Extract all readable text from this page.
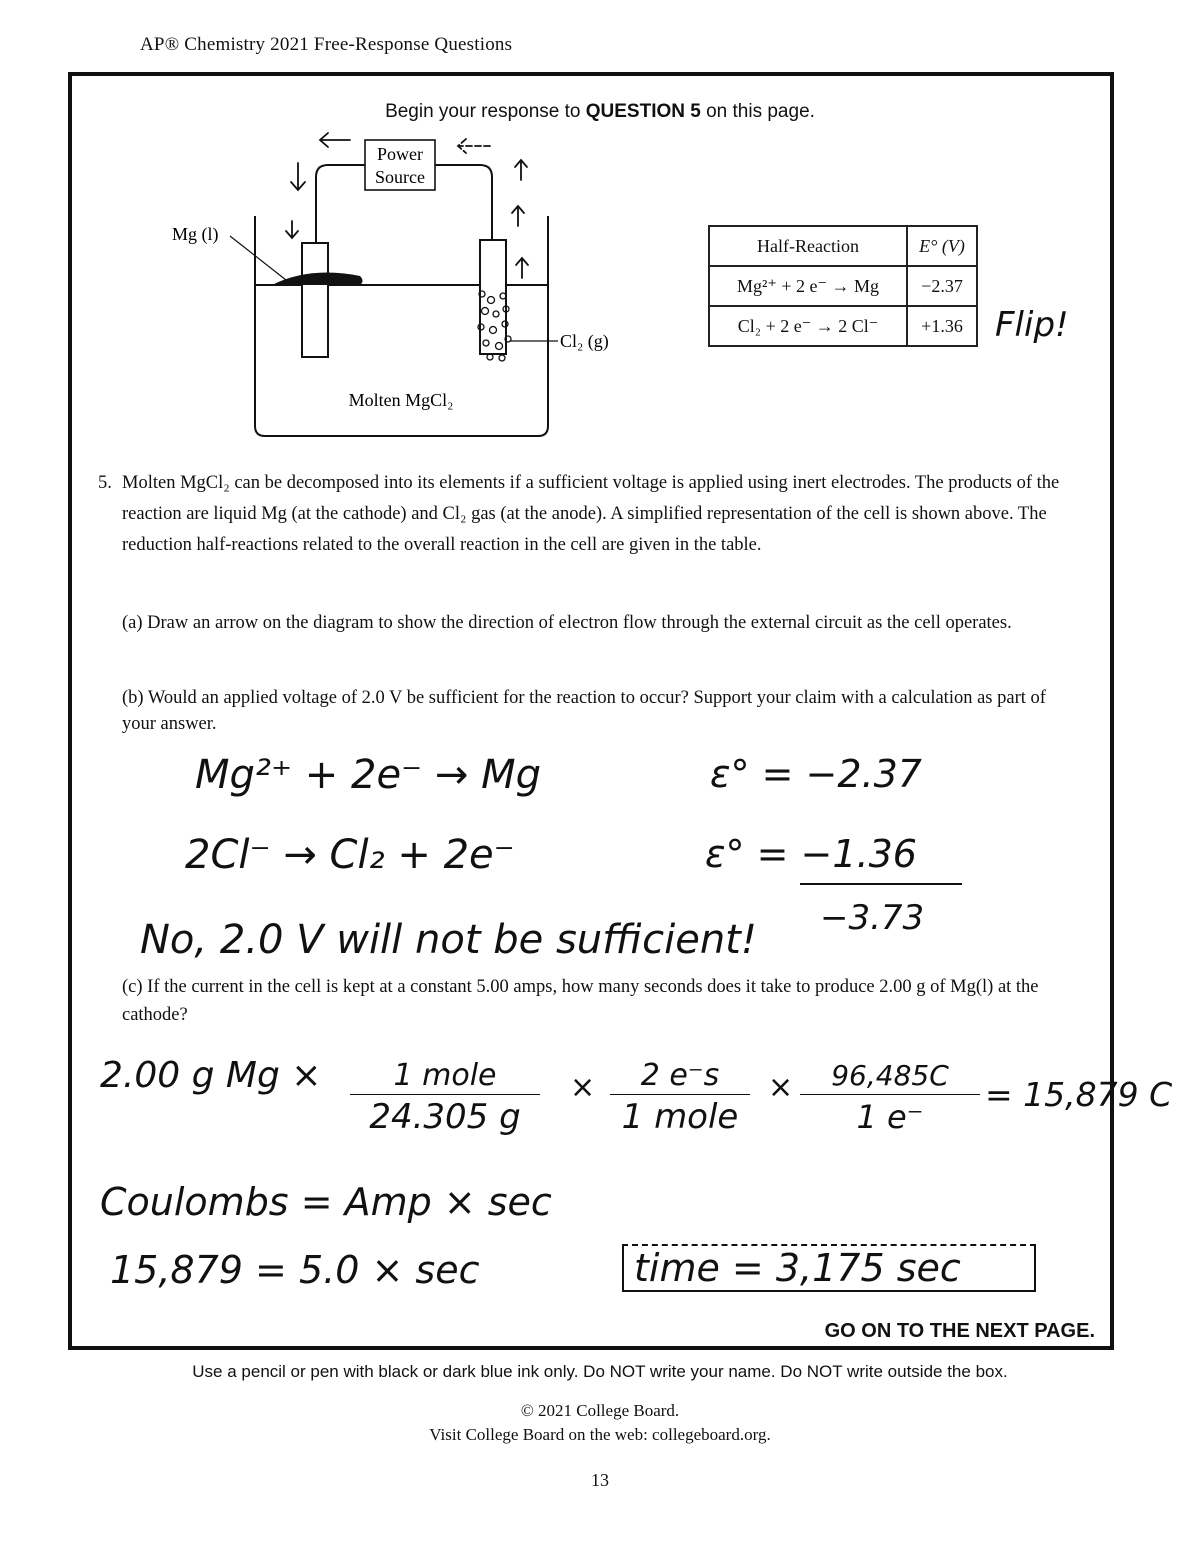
AP® Chemistry 2021 Free-Response Questions
Begin your response to QUESTION 5 on this page.
Power
Source
Mg (l)
Cl₂ (g)
Molten MgCl₂
Half-Reaction	E° (V)
Mg²⁺ + 2 e⁻ → Mg	−2.37
Cl₂ + 2 e⁻ → 2 Cl⁻	+1.36 Flip!
5. Molten MgCl₂ can be decomposed into its elements if a sufficient voltage is applied using inert electrodes. The products of the reaction are liquid Mg (at the cathode) and Cl₂ gas (at the anode). A simplified representation of the cell is shown above. The reduction half-reactions related to the overall reaction in the cell are given in the table.
(a) Draw an arrow on the diagram to show the direction of electron flow through the external circuit as the cell operates.
(b) Would an applied voltage of 2.0 V be sufficient for the reaction to occur? Support your claim with a calculation as part of your answer.
Mg²⁺ + 2e⁻ → Mg	ε° = −2.37
2Cl⁻ → Cl₂ + 2e⁻	ε° = −1.36
−3.73
No, 2.0 V will not be sufficient!
(c) If the current in the cell is kept at a constant 5.00 amps, how many seconds does it take to produce 2.00 g of Mg(l) at the cathode?
2.00 g Mg ×	1 mole
24.305 g
×	2 e⁻s
1 mole
× $\frac{96,485C}{1 e^-} = 15,879$ C
Coulombs = Amp × sec
15,879 = 5.0 × sec	time = 3,175 sec
GO ON TO THE NEXT PAGE.
Use a pencil or pen with black or dark blue ink only. Do NOT write your name. Do NOT write outside the box.
© 2021 College Board.
Visit College Board on the web: collegeboard.org.
13
